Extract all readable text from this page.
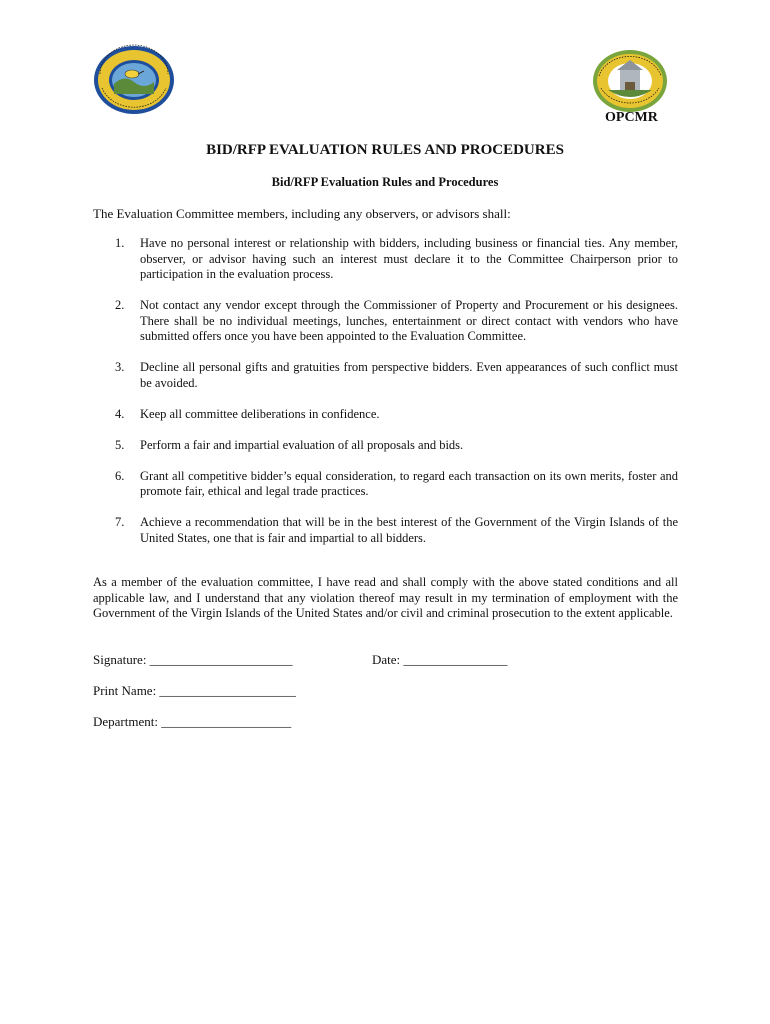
OPCMR
BID/RFP EVALUATION RULES AND PROCEDURES
Bid/RFP Evaluation Rules and Procedures
The Evaluation Committee members, including any observers, or advisors shall:
1. Have no personal interest or relationship with bidders, including business or financial ties. Any member, observer, or advisor having such an interest must declare it to the Committee Chairperson prior to participation in the evaluation process.
2. Not contact any vendor except through the Commissioner of Property and Procurement or his designees. There shall be no individual meetings, lunches, entertainment or direct contact with vendors who have submitted offers once you have been appointed to the Evaluation Committee.
3. Decline all personal gifts and gratuities from perspective bidders. Even appearances of such conflict must be avoided.
4. Keep all committee deliberations in confidence.
5. Perform a fair and impartial evaluation of all proposals and bids.
6. Grant all competitive bidder’s equal consideration, to regard each transaction on its own merits, foster and promote fair, ethical and legal trade practices.
7. Achieve a recommendation that will be in the best interest of the Government of the Virgin Islands of the United States, one that is fair and impartial to all bidders.

As a member of the evaluation committee, I have read and shall comply with the above stated conditions and all applicable law, and I understand that any violation thereof may result in my termination of employment with the Government of the Virgin Islands of the United States and/or civil and criminal prosecution to the extent applicable.

Signature: ______________________	Date: ________________
Print Name: _____________________
Department: ____________________
